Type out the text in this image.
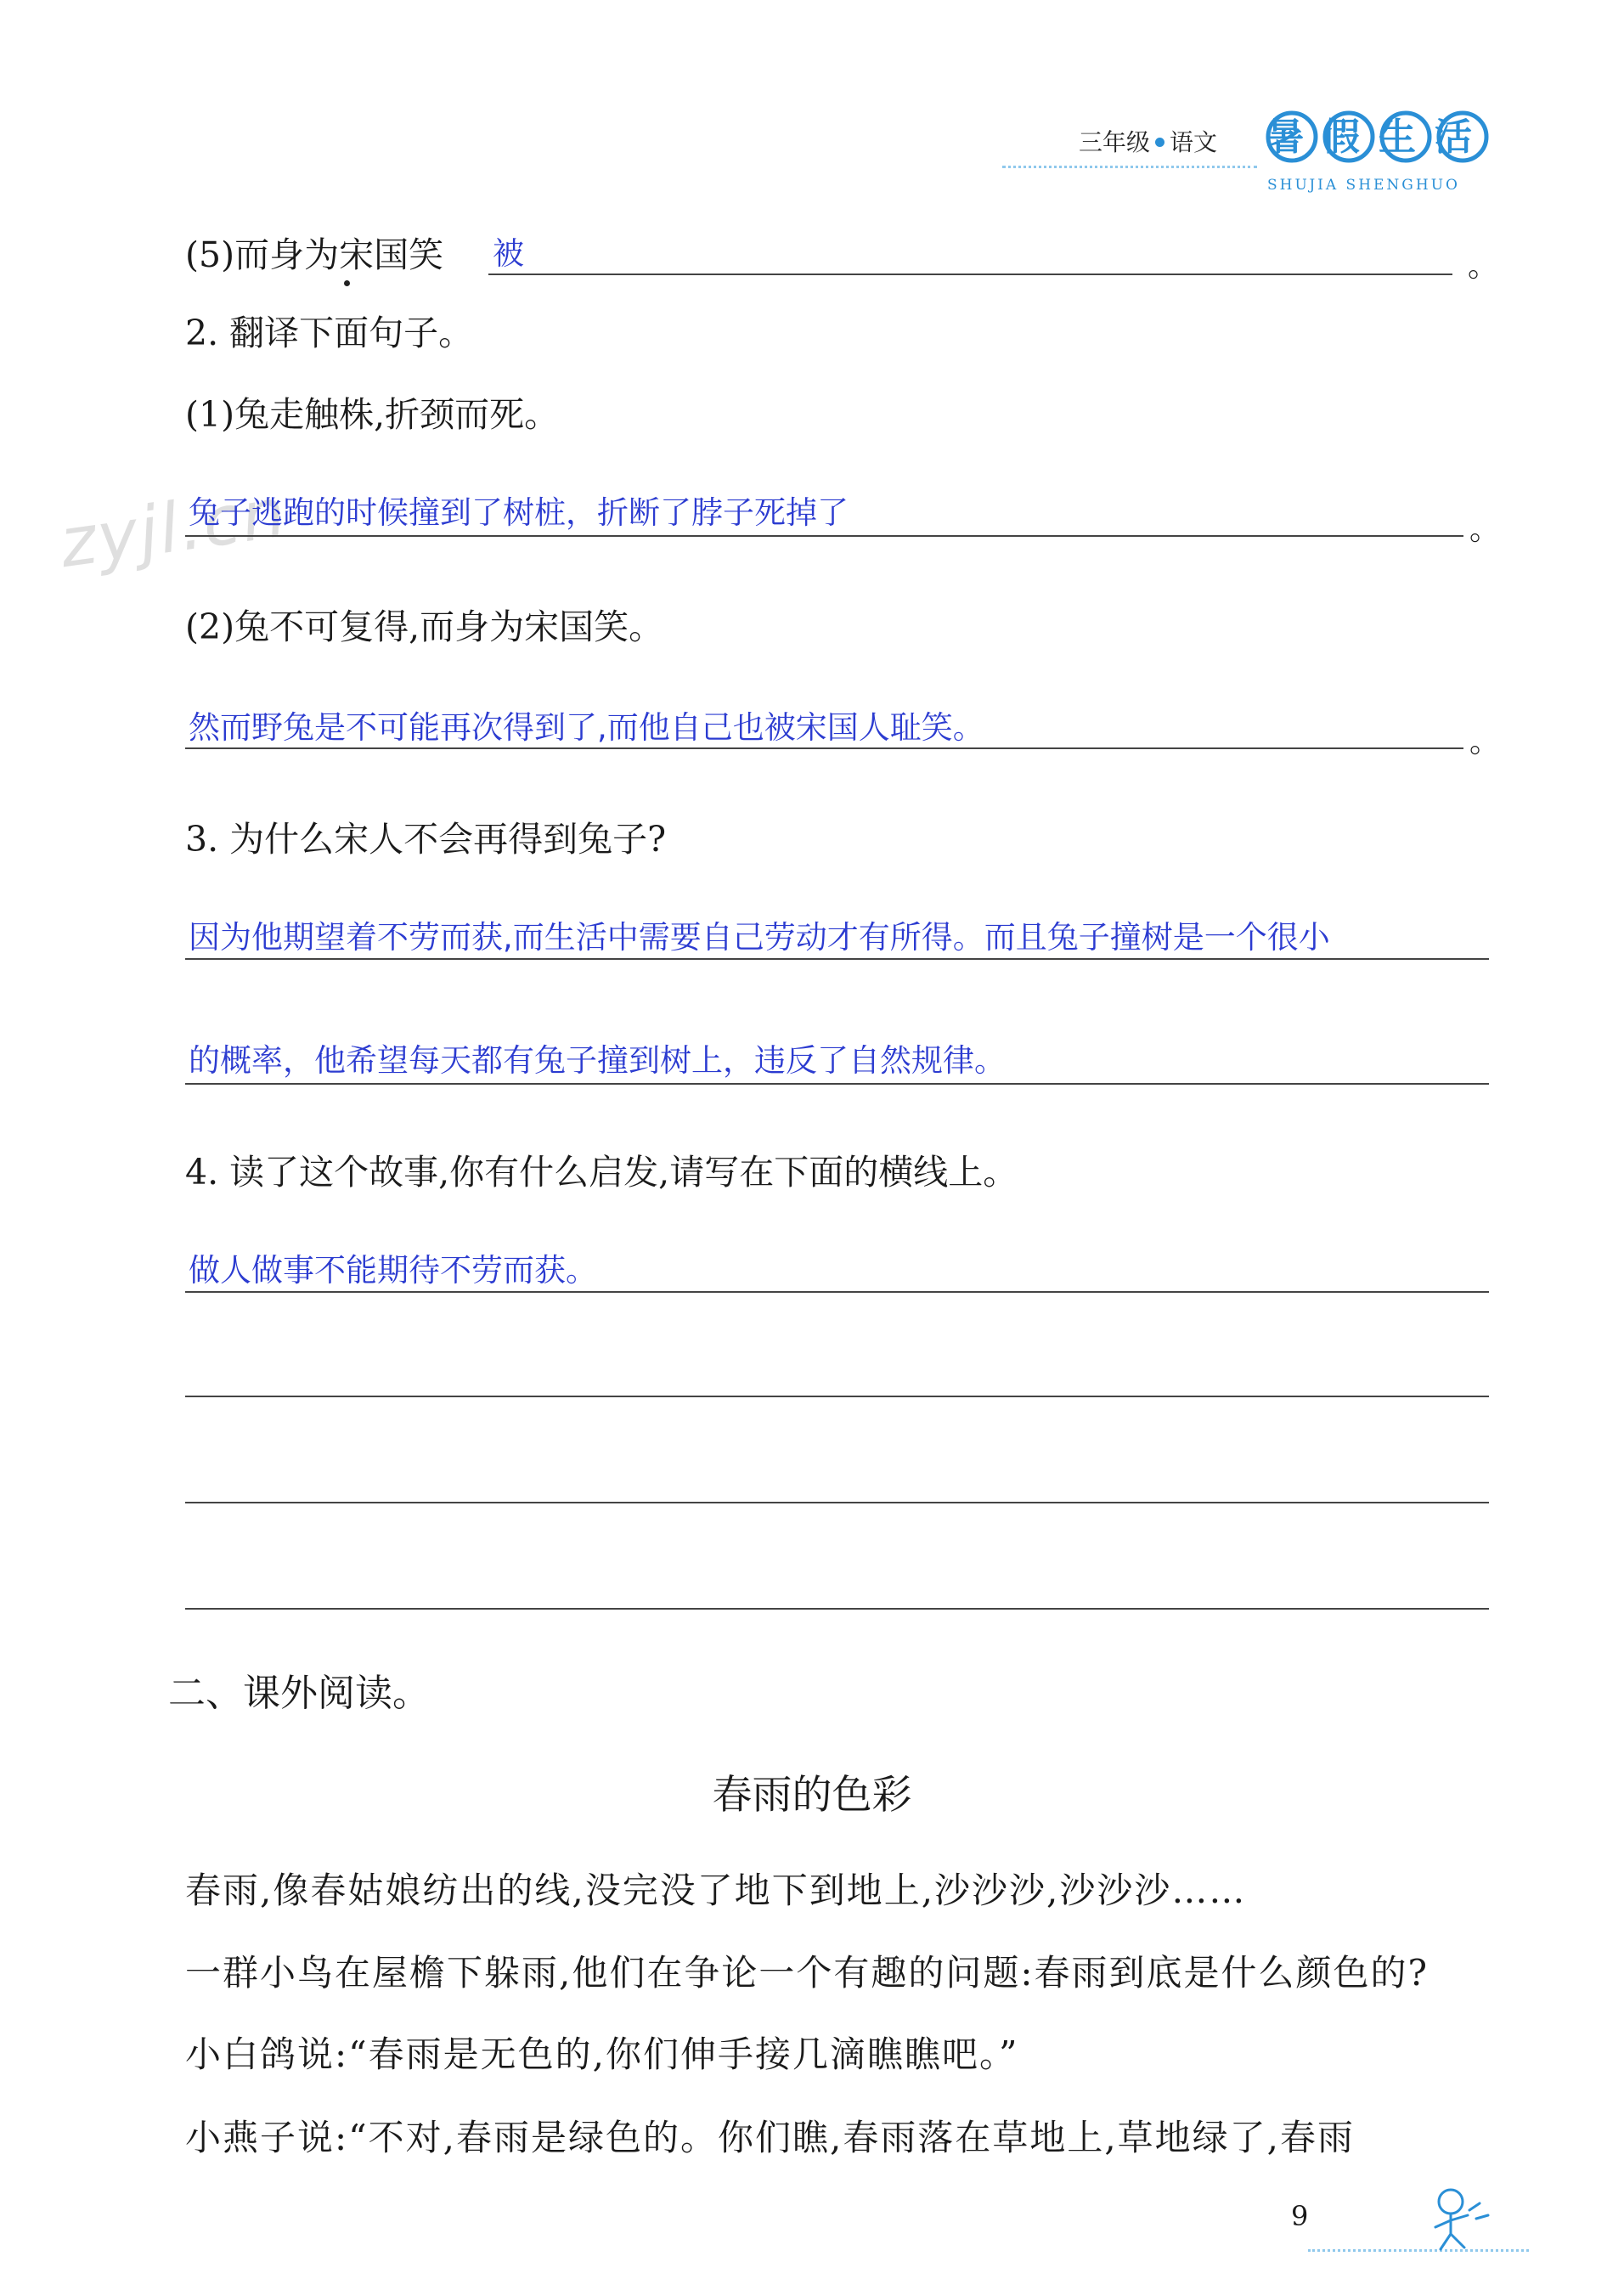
三年级 语文 暑假生活
SHUJIA SHENGHUO
zyjl.cn
(5)而身为宋国笑 被	。
2. 翻译下面句子。
(1)兔走触株,折颈而死。
兔子逃跑的时候撞到了树桩，折断了脖子死掉了	。
(2)兔不可复得,而身为宋国笑。
然而野兔是不可能再次得到了,而他自己也被宋国人耻笑。	。
3. 为什么宋人不会再得到兔子?
因为他期望着不劳而获,而生活中需要自己劳动才有所得。而且兔子撞树是一个很小
的概率，他希望每天都有兔子撞到树上，违反了自然规律。
4. 读了这个故事,你有什么启发,请写在下面的横线上。
做人做事不能期待不劳而获。
二、课外阅读。
春雨的色彩
春雨,像春姑娘纺出的线,没完没了地下到地上,沙沙沙,沙沙沙……
一群小鸟在屋檐下躲雨,他们在争论一个有趣的问题:春雨到底是什么颜色的?
小白鸽说:“春雨是无色的,你们伸手接几滴瞧瞧吧。”
小燕子说:“不对,春雨是绿色的。你们瞧,春雨落在草地上,草地绿了,春雨
9
